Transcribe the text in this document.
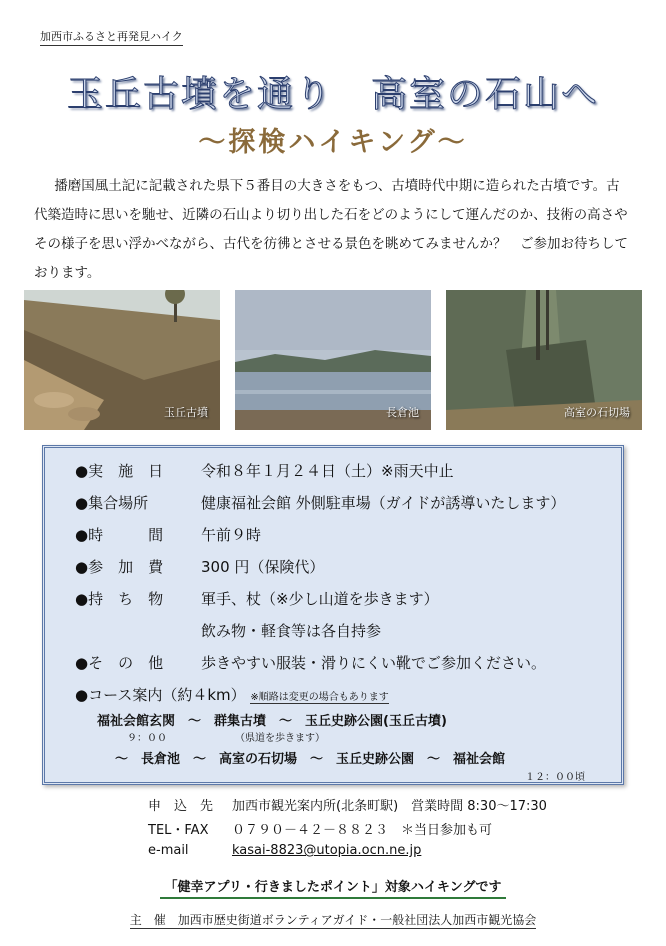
加西市ふるさと再発見ハイク
玉丘古墳を通り　高室の石山へ
〜探検ハイキング〜
播磨国風土記に記載された県下５番目の大きさをもつ、古墳時代中期に造られた古墳です。古代築造時に思いを馳せ、近隣の石山より切り出した石をどのようにして運んだのか、技術の高さやその様子を思い浮かべながら、古代を彷彿とさせる景色を眺めてみませんか？　ご参加お待ちしております。
玉丘古墳	長倉池	高室の石切場
●実　施　日	令和８年１月２４日（土）※雨天中止
●集合場所	健康福祉会館 外側駐車場（ガイドが誘導いたします）
●時　　　間	午前９時
●参　加　費	300 円（保険代）
●持　ち　物	軍手、杖（※少し山道を歩きます）
飲み物・軽食等は各自持参
●そ　の　他	歩きやすい服装・滑りにくい靴でご参加ください。
●コース案内（約４km） ※順路は変更の場合もあります
福祉会館玄関　〜　群集古墳　〜　玉丘史跡公園(玉丘古墳)
９：００	（県道を歩きます）
〜　長倉池　〜　高室の石切場　〜　玉丘史跡公園　〜　福祉会館
１２：００頃
申　込　先 加西市観光案内所(北条町駅)　営業時間 8:30〜17:30
TEL・FAX ０７９０－４２－８８２３　＊当日参加も可
e-mail	kasai-8823@utopia.ocn.ne.jp
「健幸アプリ・行きましたポイント」対象ハイキングです
主　催　加西市歴史街道ボランティアガイド・一般社団法人加西市観光協会
